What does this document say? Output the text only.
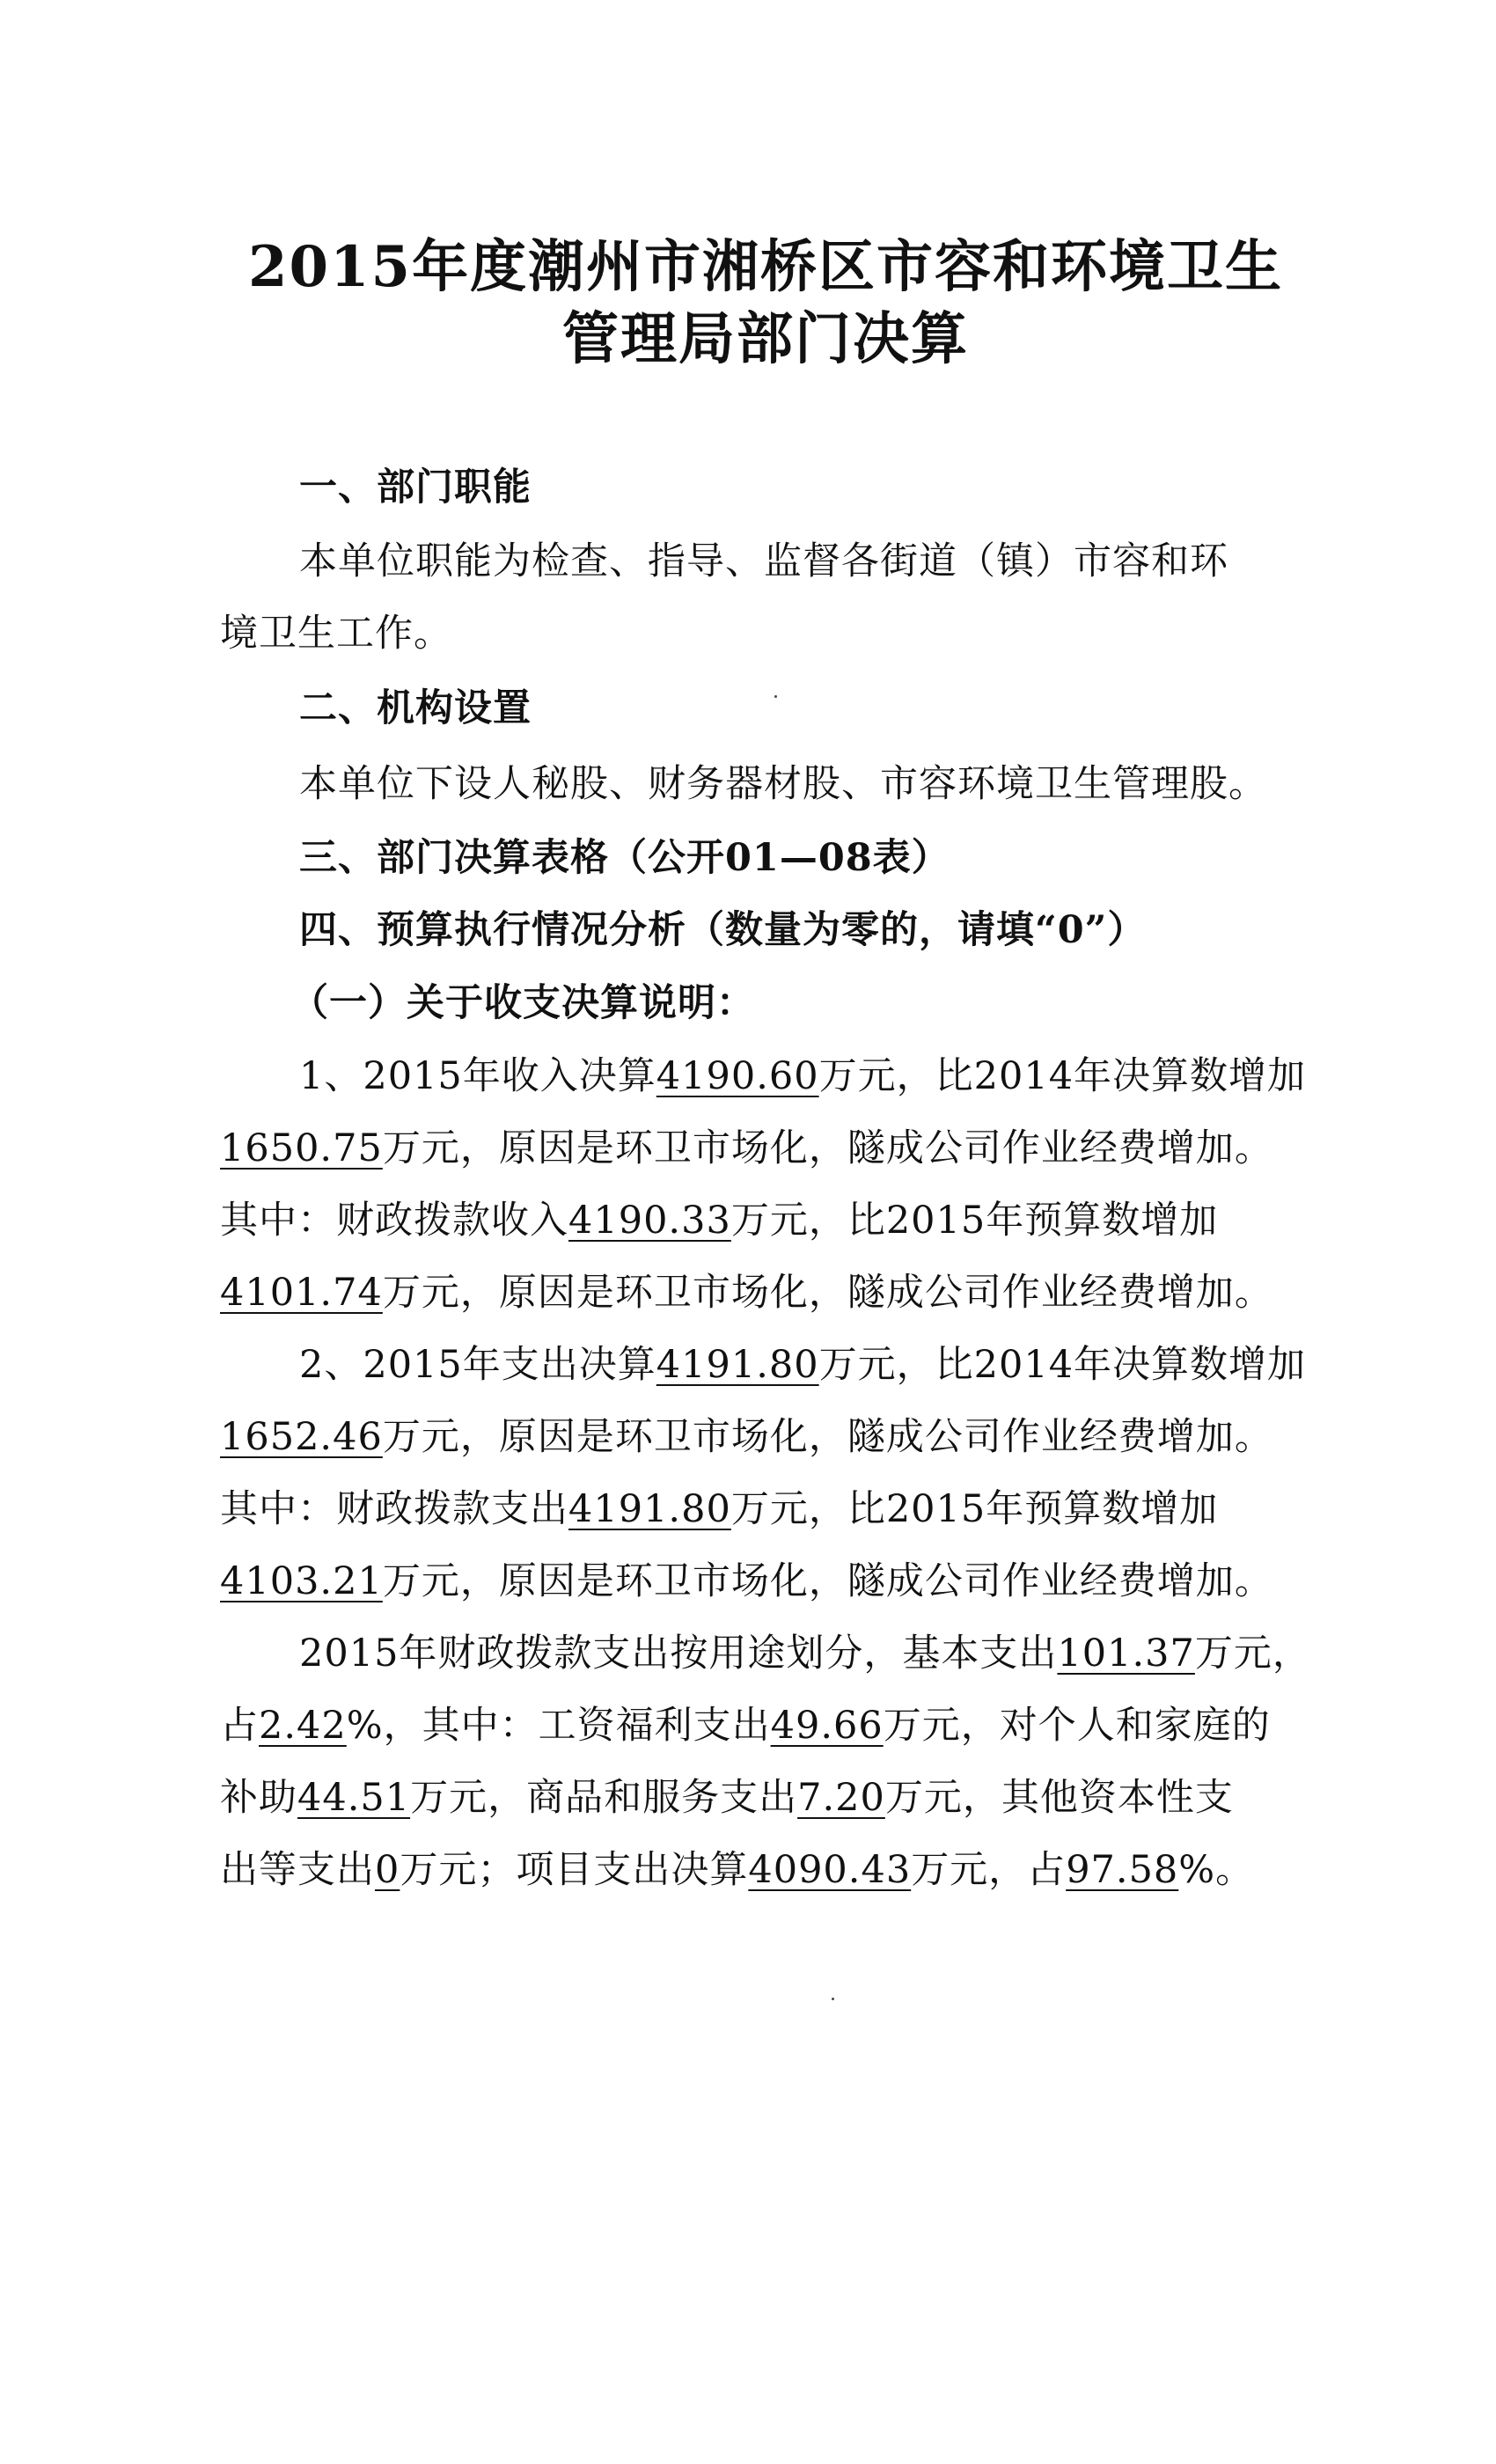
2015年度潮州市湘桥区市容和环境卫生
管理局部门决算
一、部门职能
本单位职能为检查、指导、监督各街道（镇）市容和环
境卫生工作。
二、机构设置
本单位下设人秘股、财务器材股、市容环境卫生管理股。
三、部门决算表格（公开01—08表）
四、预算执行情况分析（数量为零的，请填“0”）
（一）关于收支决算说明：
1、2015年收入决算4190.60万元，比2014年决算数增加
1650.75万元，原因是环卫市场化，隧成公司作业经费增加。
其中：财政拨款收入4190.33万元，比2015年预算数增加
4101.74万元，原因是环卫市场化，隧成公司作业经费增加。
2、2015年支出决算4191.80万元，比2014年决算数增加
1652.46万元，原因是环卫市场化，隧成公司作业经费增加。
其中：财政拨款支出4191.80万元，比2015年预算数增加
4103.21万元，原因是环卫市场化，隧成公司作业经费增加。
2015年财政拨款支出按用途划分，基本支出101.37万元，
占2.42%，其中：工资福利支出49.66万元，对个人和家庭的
补助44.51万元，商品和服务支出7.20万元，其他资本性支
出等支出0万元；项目支出决算4090.43万元，占97.58%。
